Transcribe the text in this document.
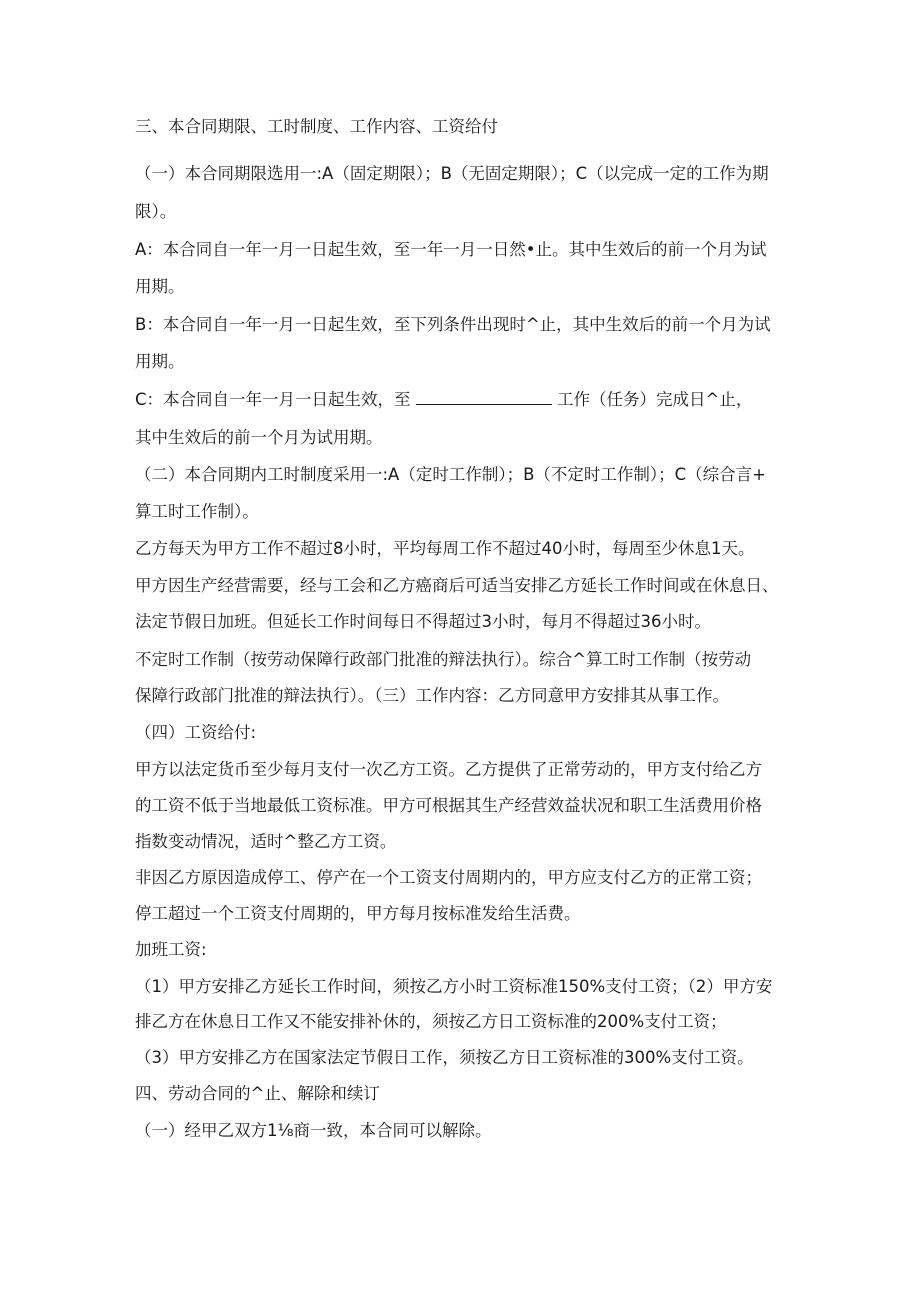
三、本合同期限、工时制度、工作内容、工资给付

（一）本合同期限选用一:A（固定期限）；B（无固定期限）；C（以完成一定的工作为期

限）。

A：本合同自一年一月一日起生效，至一年一月一日然•止。其中生效后的前一个月为试

用期。

B：本合同自一年一月一日起生效，至下列条件出现时^止，其中生效后的前一个月为试

用期。

C：本合同自一年一月一日起生效，至	工作（任务）完成日^止，

其中生效后的前一个月为试用期。

（二）本合同期内工时制度采用一:A（定时工作制）；B（不定时工作制）；C（综合言+

算工时工作制）。

乙方每天为甲方工作不超过8小时，平均每周工作不超过40小时，每周至少休息1天。

甲方因生产经营需要，经与工会和乙方癌商后可适当安排乙方延长工作时间或在休息日、

法定节假日加班。但延长工作时间每日不得超过3小时，每月不得超过36小时。

不定时工作制（按劳动保障行政部门批准的辩法执行）。综合^算工时工作制（按劳动

保障行政部门批准的辩法执行）。（三）工作内容：乙方同意甲方安排其从事工作。

（四）工资给付:

甲方以法定货币至少每月支付一次乙方工资。乙方提供了正常劳动的，甲方支付给乙方

的工资不低于当地最低工资标准。甲方可根据其生产经营效益状况和职工生活费用价格

指数变动情况，适时^整乙方工资。

非因乙方原因造成停工、停产在一个工资支付周期内的，甲方应支付乙方的正常工资；

停工超过一个工资支付周期的，甲方每月按标准发给生活费。

加班工资:

（1）甲方安排乙方延长工作时间，须按乙方小时工资标准150%支付工资；（2）甲方安

排乙方在休息日工作又不能安排补休的，须按乙方日工资标准的200%支付工资；

（3）甲方安排乙方在国家法定节假日工作，须按乙方日工资标准的300%支付工资。

四、劳动合同的^止、解除和续订

（一）经甲乙双方1⅛商一致，本合同可以解除。
